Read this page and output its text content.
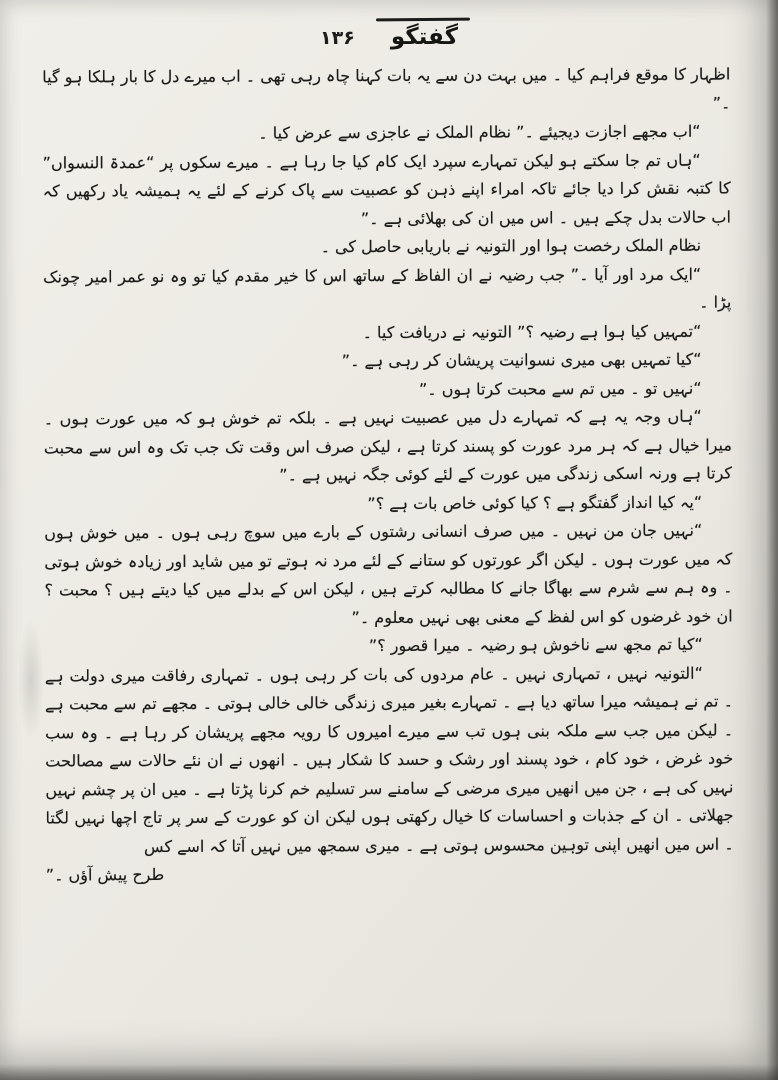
گفتگو
۱۳۶

اظہار کا موقع فراہم کیا ۔ میں بہت دن سے یہ بات کہنا چاہ رہی تھی ۔ اب میرے دل کا بار ہلکا ہو گیا ۔”

“اب مجھے اجازت دیجیئے ۔” نظام الملک نے عاجزی سے عرض کیا ۔

“ہاں تم جا سکتے ہو لیکن تمہارے سپرد ایک کام کیا جا رہا ہے ۔ میرے سکوں پر “عمدۃ النسواں” کا کتبہ نقش کرا دیا جائے تاکہ امراء اپنے ذہن کو عصبیت سے پاک کرنے کے لئے یہ ہمیشہ یاد رکھیں کہ اب حالات بدل چکے ہیں ۔ اس میں ان کی بھلائی ہے ۔”

نظام الملک رخصت ہوا اور التونیہ نے باریابی حاصل کی ۔

“ایک مرد اور آیا ۔” جب رضیہ نے ان الفاظ کے ساتھ اس کا خیر مقدم کیا تو وہ نو عمر امیر چونک پڑا ۔

“تمہیں کیا ہوا ہے رضیہ ؟” التونیہ نے دریافت کیا ۔

“کیا تمہیں بھی میری نسوانیت پریشان کر رہی ہے ۔”

“نہیں تو ۔ میں تم سے محبت کرتا ہوں ۔”

“ہاں وجہ یہ ہے کہ تمہارے دل میں عصبیت نہیں ہے ۔ بلکہ تم خوش ہو کہ میں عورت ہوں ۔ میرا خیال ہے کہ ہر مرد عورت کو پسند کرتا ہے ، لیکن صرف اس وقت تک جب تک وہ اس سے محبت کرتا ہے ورنہ اسکی زندگی میں عورت کے لئے کوئی جگہ نہیں ہے ۔”

“یہ کیا انداز گفتگو ہے ؟ کیا کوئی خاص بات ہے ؟”

“نہیں جان من نہیں ۔ میں صرف انسانی رشتوں کے بارے میں سوچ رہی ہوں ۔ میں خوش ہوں کہ میں عورت ہوں ۔ لیکن اگر عورتوں کو ستانے کے لئے مرد نہ ہوتے تو میں شاید اور زیادہ خوش ہوتی ۔ وہ ہم سے شرم سے بھاگا جانے کا مطالبہ کرتے ہیں ، لیکن اس کے بدلے میں کیا دیتے ہیں ؟ محبت ؟ ان خود غرضوں کو اس لفظ کے معنی بھی نہیں معلوم ۔”

“کیا تم مجھ سے ناخوش ہو رضیہ ۔ میرا قصور ؟”

“التونیہ نہیں ، تمہاری نہیں ۔ عام مردوں کی بات کر رہی ہوں ۔ تمہاری رفاقت میری دولت ہے ۔ تم نے ہمیشہ میرا ساتھ دیا ہے ۔ تمہارے بغیر میری زندگی خالی خالی ہوتی ۔ مجھے تم سے محبت ہے ۔ لیکن میں جب سے ملکہ بنی ہوں تب سے میرے امیروں کا رویہ مجھے پریشان کر رہا ہے ۔ وہ سب خود غرض ، خود کام ، خود پسند اور رشک و حسد کا شکار ہیں ۔ انھوں نے ان نئے حالات سے مصالحت نہیں کی ہے ، جن میں انھیں میری مرضی کے سامنے سر تسلیم خم کرنا پڑتا ہے ۔ میں ان پر چشم نہیں جھلاتی ۔ ان کے جذبات و احساسات کا خیال رکھتی ہوں لیکن ان کو عورت کے سر پر تاج اچھا نہیں لگتا ۔ اس میں انھیں اپنی توہین محسوس ہوتی ہے ۔ میری سمجھ میں نہیں آتا کہ اسے کس

طرح پیش آؤں ۔”
